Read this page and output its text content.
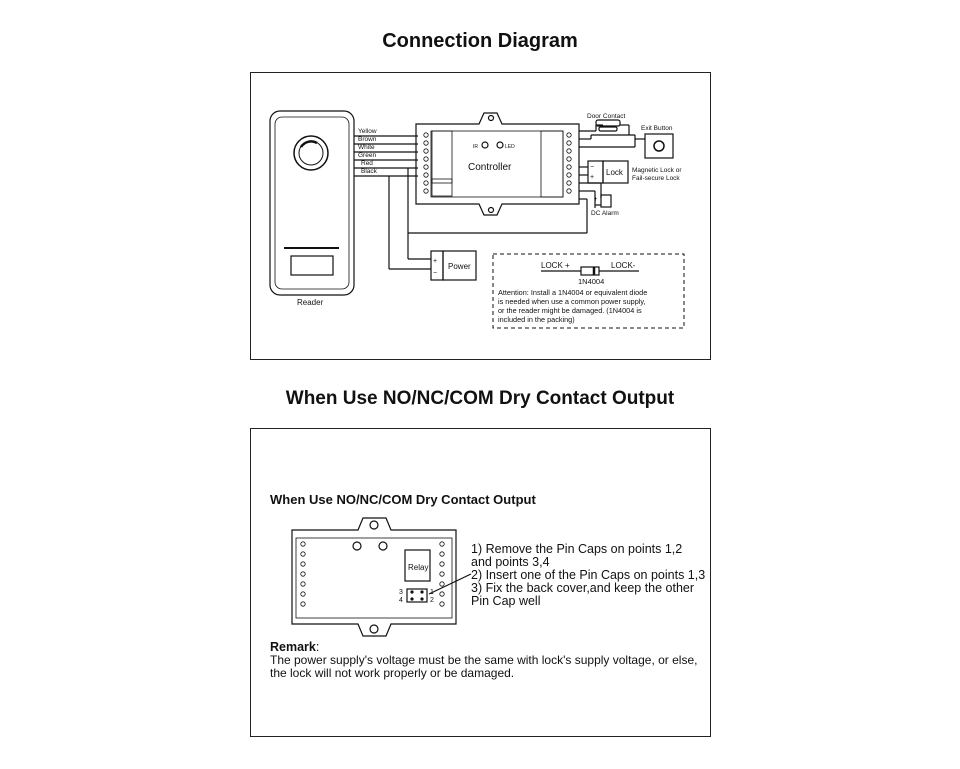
Connection Diagram
Yellow
Brown
White
Green
Red
Black	Controller
IR	LED
Reader
Door Contact
Exit Button
−
+
Lock Magnetic Lock or
Fail-secure Lock
+
DC Alarm
+
−
Power	LOCK +	LOCK-
1N4004
Attention: Install a 1N4004 or equivalent diode
is needed when use a common power supply,
or the reader might be damaged. (1N4004 is
included in the packing)
When Use NO/NC/COM Dry Contact Output
When Use NO/NC/COM Dry Contact Output
Relay
3
4
1
2
1) Remove the Pin Caps on points 1,2
and points 3,4
2) Insert one of the Pin Caps on points 1,3
3) Fix the back cover,and keep the other
Pin Cap well
Remark:
The power supply's voltage must be the same with lock's supply voltage, or else, the lock will not work properly or be damaged.
